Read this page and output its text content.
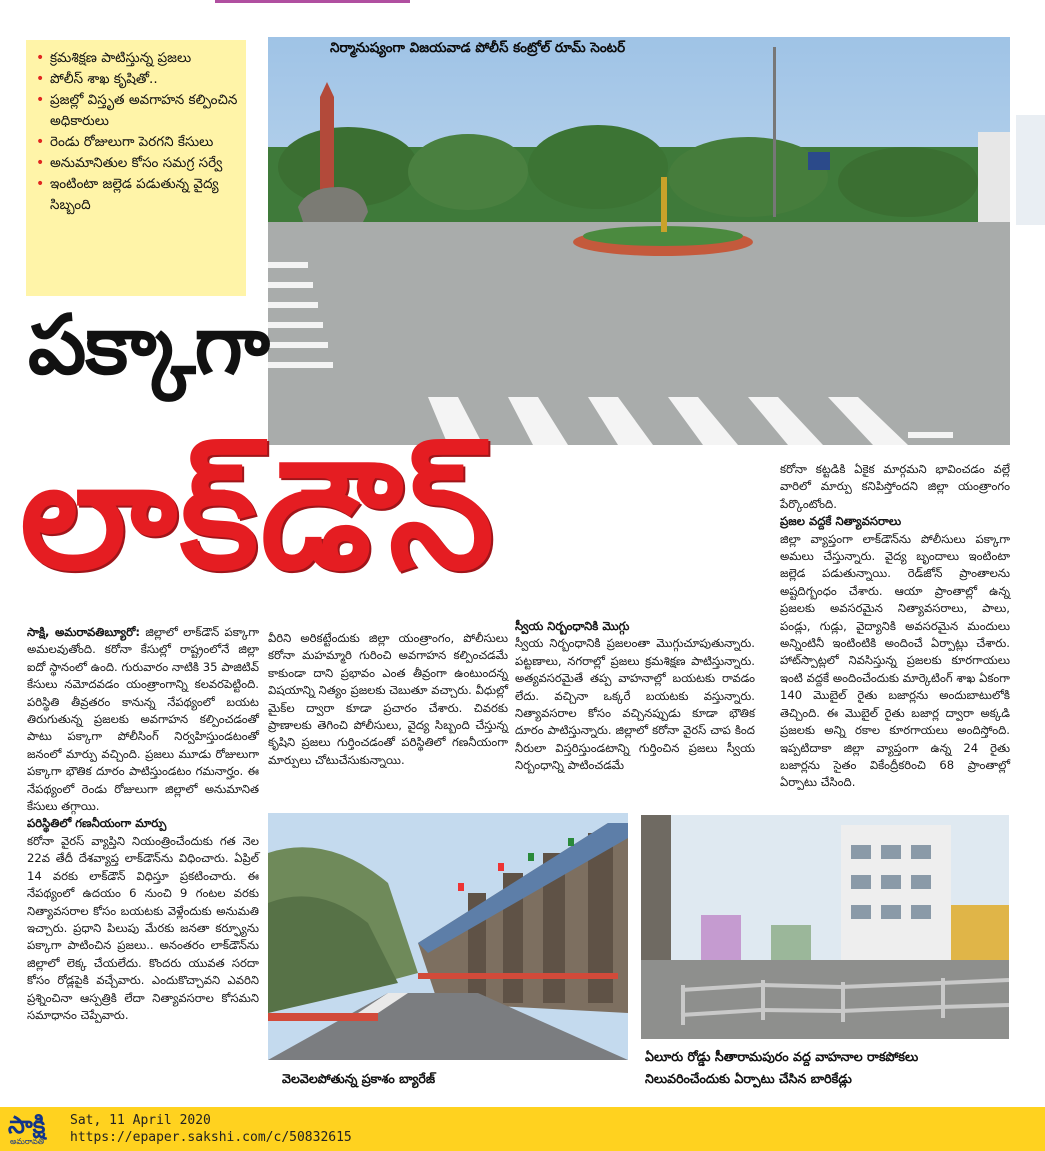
• క్రమశిక్షణ పాటిస్తున్న ప్రజలు
• పోలీస్ శాఖ కృషితో..
• ప్రజల్లో విస్తృత అవగాహన కల్పించిన అధికారులు
• రెండు రోజులుగా పెరగని కేసులు
• అనుమానితుల కోసం సమగ్ర సర్వే
• ఇంటింటా జల్లెడ పడుతున్న వైద్య సిబ్బంది
నిర్మానుష్యంగా విజయవాడ పోలీస్ కంట్రోల్ రూమ్ సెంటర్
పక్కాగా
లాక్‌డౌన్

సాక్షి, అమరావతిబ్యూరో: జిల్లాలో లాక్‌డౌన్ పక్కాగా అమలవుతోంది. కరోనా కేసుల్లో రాష్ట్రంలోనే జిల్లా ఐదో స్థానంలో ఉంది. గురువారం నాటికి 35 పాజిటివ్ కేసులు నమోదవడం యంత్రాంగాన్ని కలవరపెట్టింది. పరిస్థితి తీవ్రతరం కానున్న నేపథ్యంలో బయట తిరుగుతున్న ప్రజలకు అవగాహన కల్పించడంతో పాటు పక్కాగా పోలీసింగ్ నిర్వహిస్తుండటంతో జనంలో మార్పు వచ్చింది. ప్రజలు మూడు రోజులుగా పక్కాగా భౌతిక దూరం పాటిస్తుండటం గమనార్హం. ఈ నేపథ్యంలో రెండు రోజులుగా జిల్లాలో అనుమానిత కేసులు తగ్గాయి.

పరిస్థితిలో గణనీయంగా మార్పు

కరోనా వైరస్ వ్యాప్తిని నియంత్రించేందుకు గత నెల 22వ తేదీ దేశవ్యాప్త లాక్‌డౌన్‌ను విధించారు. ఏప్రిల్ 14 వరకు లాక్‌డౌన్ విధిస్తూ ప్రకటించారు. ఈ నేపథ్యంలో ఉదయం 6 నుంచి 9 గంటల వరకు నిత్యావసరాల కోసం బయటకు వెళ్లేందుకు అనుమతి ఇచ్చారు. ప్రధాని పిలుపు మేరకు జనతా కర్ఫ్యూను పక్కాగా పాటించిన ప్రజలు.. అనంతరం లాక్‌డౌన్‌ను జిల్లాలో లెక్క చేయలేదు. కొందరు యువత సరదా కోసం రోడ్లపైకి వచ్చేవారు. ఎందుకొచ్చావని ఎవరిని ప్రశ్నించినా ఆస్పత్రికి లేదా నిత్యావసరాల కోసమని సమాధానం చెప్పేవారు.

వీరిని అరికట్టేందుకు జిల్లా యంత్రాంగం, పోలీసులు కరోనా మహమ్మారి గురించి అవగాహన కల్పించడమే కాకుండా దాని ప్రభావం ఎంత తీవ్రంగా ఉంటుందన్న విషయాన్ని నిత్యం ప్రజలకు చెబుతూ వచ్చారు. వీధుల్లో మైక్‌ల ద్వారా కూడా ప్రచారం చేశారు. చివరకు ప్రాణాలకు తెగించి పోలీసులు, వైద్య సిబ్బంది చేస్తున్న కృషిని ప్రజలు గుర్తించడంతో పరిస్థితిలో గణనీయంగా మార్పులు చోటుచేసుకున్నాయి.

స్వీయ నిర్బంధానికి మొగ్గు

స్వీయ నిర్బంధానికి ప్రజలంతా మొగ్గుచూపుతున్నారు. పట్టణాలు, నగరాల్లో ప్రజలు క్రమశిక్షణ పాటిస్తున్నారు. అత్యవసరమైతే తప్ప వాహనాల్లో బయటకు రావడం లేదు. వచ్చినా ఒక్కరే బయటకు వస్తున్నారు. నిత్యావసరాల కోసం వచ్చినప్పుడు కూడా భౌతిక దూరం పాటిస్తున్నారు. జిల్లాలో కరోనా వైరస్ చాప కింద నీరులా విస్తరిస్తుండటాన్ని గుర్తించిన ప్రజలు స్వీయ నిర్బంధాన్ని పాటించడమే

కరోనా కట్టడికి ఏకైక మార్గమని భావించడం వల్లే వారిలో మార్పు కనిపిస్తోందని జిల్లా యంత్రాంగం పేర్కొంటోంది.

ప్రజల వద్దకే నిత్యావసరాలు

జిల్లా వ్యాప్తంగా లాక్‌డౌన్‌ను పోలీసులు పక్కాగా అమలు చేస్తున్నారు. వైద్య బృందాలు ఇంటింటా జల్లెడ పడుతున్నాయి. రెడ్‌జోన్ ప్రాంతాలను అష్టదిగ్బంధం చేశారు. ఆయా ప్రాంతాల్లో ఉన్న ప్రజలకు అవసరమైన నిత్యావసరాలు, పాలు, పండ్లు, గుడ్లు, వైద్యానికి అవసరమైన మందులు అన్నింటినీ ఇంటింటికి అందించే ఏర్పాట్లు చేశారు. హాట్‌స్పాట్లలో నివసిస్తున్న ప్రజలకు కూరగాయలు ఇంటి వద్దకే అందించేందుకు మార్కెటింగ్ శాఖ ఏకంగా 140 మొబైల్ రైతు బజార్లను అందుబాటులోకి తెచ్చింది. ఈ మొబైల్ రైతు బజార్ల ద్వారా అక్కడి ప్రజలకు అన్ని రకాల కూరగాయలు అందిస్తోంది. ఇప్పటిదాకా జిల్లా వ్యాప్తంగా ఉన్న 24 రైతు బజార్లను సైతం వికేంద్రీకరించి 68 ప్రాంతాల్లో ఏర్పాటు చేసింది.

వెలవెలపోతున్న ప్రకాశం బ్యారేజ్
ఏలూరు రోడ్డు సీతారామపురం వద్ద వాహనాల రాకపోకలు
నిలువరించేందుకు ఏర్పాటు చేసిన బారికేడ్లు
సాక్షి
అమరావతి
Sat, 11 April 2020
https://epaper.sakshi.com/c/50832615
